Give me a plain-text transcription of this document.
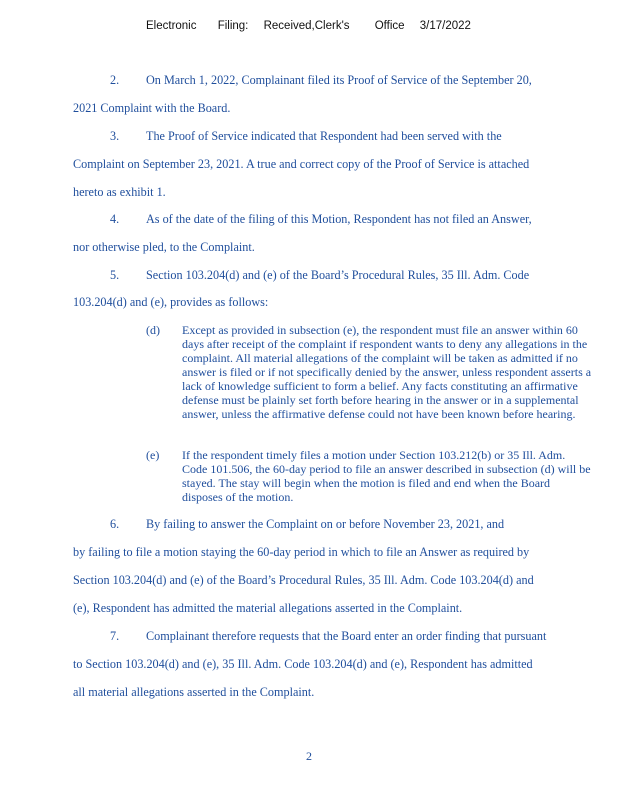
Electronic Filing: Received,Clerk's Office 3/17/2022
2. On March 1, 2022, Complainant filed its Proof of Service of the September 20,
2021 Complaint with the Board.
3. The Proof of Service indicated that Respondent had been served with the
Complaint on September 23, 2021. A true and correct copy of the Proof of Service is attached
hereto as exhibit 1.
4. As of the date of the filing of this Motion, Respondent has not filed an Answer,
nor otherwise pled, to the Complaint.
5. Section 103.204(d) and (e) of the Board’s Procedural Rules, 35 Ill. Adm. Code
103.204(d) and (e), provides as follows:
(d) Except as provided in subsection (e), the respondent must file an answer within 60 days after receipt of the complaint if respondent wants to deny any allegations in the complaint. All material allegations of the complaint will be taken as admitted if no answer is filed or if not specifically denied by the answer, unless respondent asserts a lack of knowledge sufficient to form a belief. Any facts constituting an affirmative defense must be plainly set forth before hearing in the answer or in a supplemental answer, unless the affirmative defense could not have been known before hearing.
(e) If the respondent timely files a motion under Section 103.212(b) or 35 Ill. Adm. Code 101.506, the 60-day period to file an answer described in subsection (d) will be stayed. The stay will begin when the motion is filed and end when the Board disposes of the motion.
6. By failing to answer the Complaint on or before November 23, 2021, and
by failing to file a motion staying the 60-day period in which to file an Answer as required by
Section 103.204(d) and (e) of the Board’s Procedural Rules, 35 Ill. Adm. Code 103.204(d) and
(e), Respondent has admitted the material allegations asserted in the Complaint.
7. Complainant therefore requests that the Board enter an order finding that pursuant
to Section 103.204(d) and (e), 35 Ill. Adm. Code 103.204(d) and (e), Respondent has admitted
all material allegations asserted in the Complaint.
2
